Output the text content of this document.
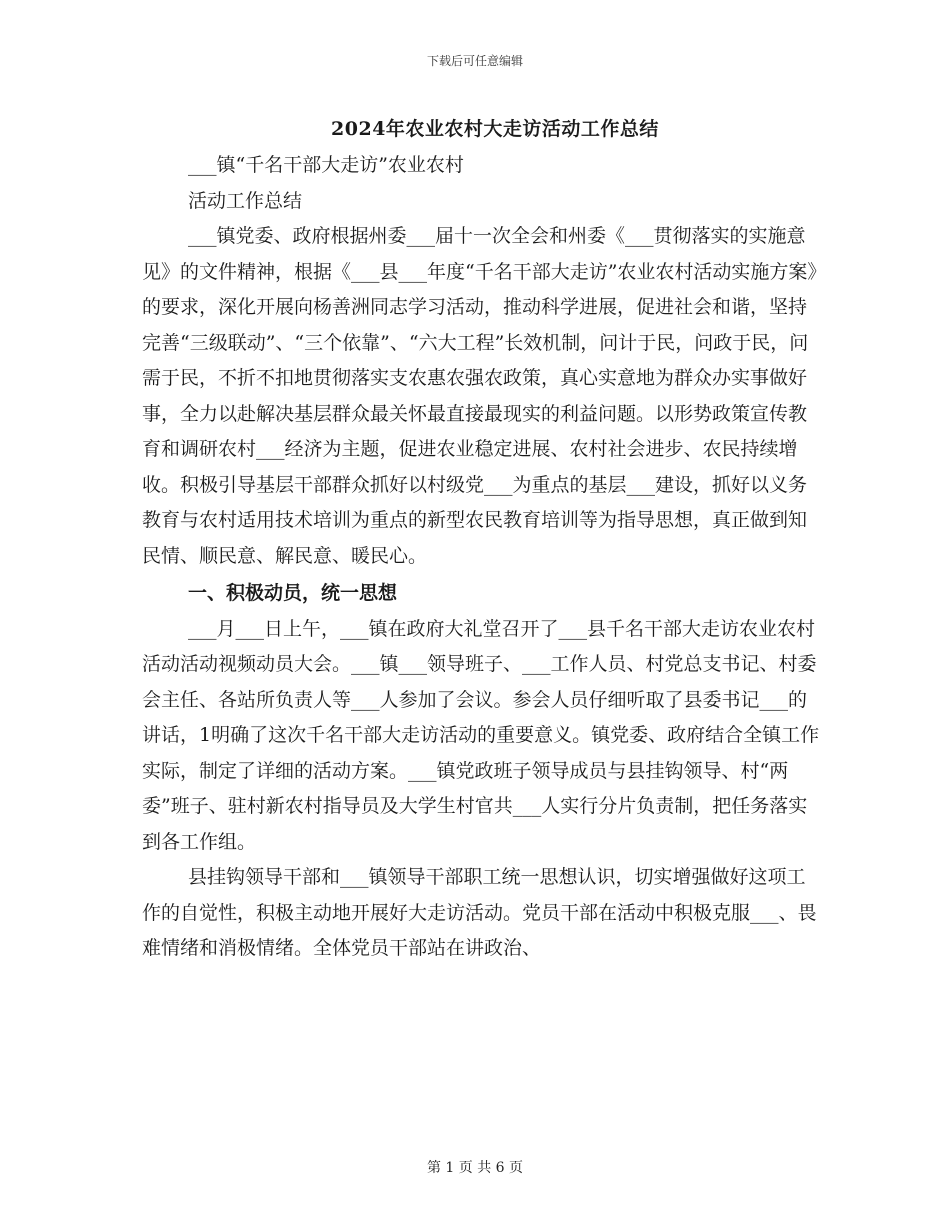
下载后可任意编辑
2024年农业农村大走访活动工作总结

___镇“千名干部大走访”农业农村

活动工作总结

___镇党委、政府根据州委___届十一次全会和州委《___贯彻落实的实施意见》的文件精神，根据《___县___年度“千名干部大走访”农业农村活动实施方案》的要求，深化开展向杨善洲同志学习活动，推动科学进展，促进社会和谐，坚持完善“三级联动”、“三个依靠”、“六大工程”长效机制，问计于民，问政于民，问需于民，不折不扣地贯彻落实支农惠农强农政策，真心实意地为群众办实事做好事，全力以赴解决基层群众最关怀最直接最现实的利益问题。以形势政策宣传教育和调研农村___经济为主题，促进农业稳定进展、农村社会进步、农民持续增收。积极引导基层干部群众抓好以村级党___为重点的基层___建设，抓好以义务教育与农村适用技术培训为重点的新型农民教育培训等为指导思想，真正做到知民情、顺民意、解民意、暖民心。

一、积极动员，统一思想

___月___日上午，___镇在政府大礼堂召开了___县千名干部大走访农业农村活动活动视频动员大会。___镇___领导班子、___工作人员、村党总支书记、村委会主任、各站所负责人等___人参加了会议。参会人员仔细听取了县委书记___的讲话，1明确了这次千名干部大走访活动的重要意义。镇党委、政府结合全镇工作实际，制定了详细的活动方案。___镇党政班子领导成员与县挂钩领导、村“两委”班子、驻村新农村指导员及大学生村官共___人实行分片负责制，把任务落实到各工作组。

县挂钩领导干部和___镇领导干部职工统一思想认识，切实增强做好这项工作的自觉性，积极主动地开展好大走访活动。党员干部在活动中积极克服___、畏难情绪和消极情绪。全体党员干部站在讲政治、

第 1 页 共 6 页
